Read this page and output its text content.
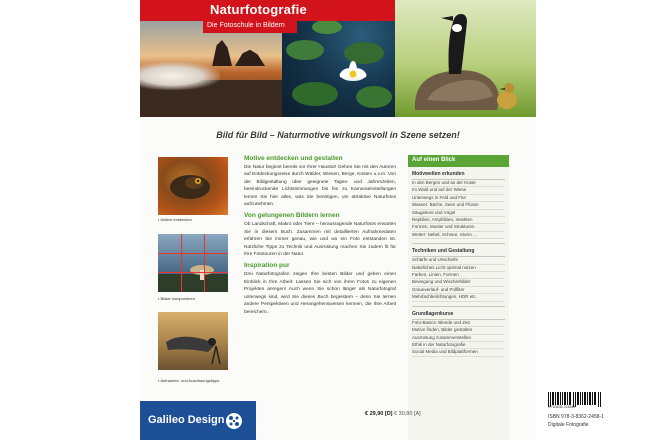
Naturfotografie
Die Fotoschule in Bildern
Bild für Bild – Naturmotive wirkungsvoll in Szene setzen!
▪ Motive entdecken
▪ Bilder komponieren
▪ Aufnahme- und Ausrüstungstipps
Motive entdecken und gestalten
Die Natur beginnt bereits vor Ihrer Haustür! Gehen Sie mit den Autoren auf Entdeckungsreise durch Wälder, Wiesen, Berge, Küsten u.v.m. Von der Bildgestaltung über geeignete Tages- und Jahreszeiten, beeindruckende Lichtstimmungen bis hin zu Kameraeinstellungen lernen Sie hier alles, was Sie benötigen, um attraktive Naturfotos aufzunehmen.
Von gelungenen Bildern lernen
Ob Landschaft, Makro oder Tiere – herausragende Naturfotos erwarten Sie in diesem Buch. Zusammen mit detaillierten Aufnahmedaten erfahren Sie immer genau, wie und wo ein Foto entstanden ist. Nützliche Tipps zu Technik und Ausrüstung machen Sie zudem fit für Ihre Fototouren in der Natur.
Inspiration pur
Drei Naturfotografen zeigen Ihre besten Bilder und geben einen Einblick in Ihre Arbeit: Lassen Sie sich von ihren Fotos zu eigenen Projekten anregen! Auch wenn Sie schon länger als Naturfotograf unterwegs sind, wird Sie dieses Buch begeistern – denn Sie lernen andere Perspektiven und Herangehensweisen kennen, die Ihre Arbeit bereichern.
Auf einen Blick
Motivwelten erkunden
In den Bergen und an der Küste
Im Wald und auf der Wiese
Unterwegs in Feld und Flur
Wasser: Bäche, Seen und Flüsse
Säugetiere und Vögel
Reptilien, Amphibien, Insekten
Formen, Muster und Strukturen
Wetter: Nebel, Schnee, Sturm ...
Techniken und Gestaltung
Schärfe und Unschärfe
Natürliches Licht optimal nutzen
Farben, Linien, Formen
Bewegung und Wischerbilder
Graueverlauf- und Polfilter
Mehrfachbelichtungen, HDR etc.
Grundlagenkurse
Foto-Basics: Blende und Zeit
Motive finden, Bilder gestalten
Ausrüstung zusammenstellen
Ethik in der Naturfotografie
Social Media und Bildplattformen
€ 29,90 [D] € 30,80 [A]
9 783836 224581
ISBN 978-3-8362-2458-1
Digitale Fotografie
Galileo Design
